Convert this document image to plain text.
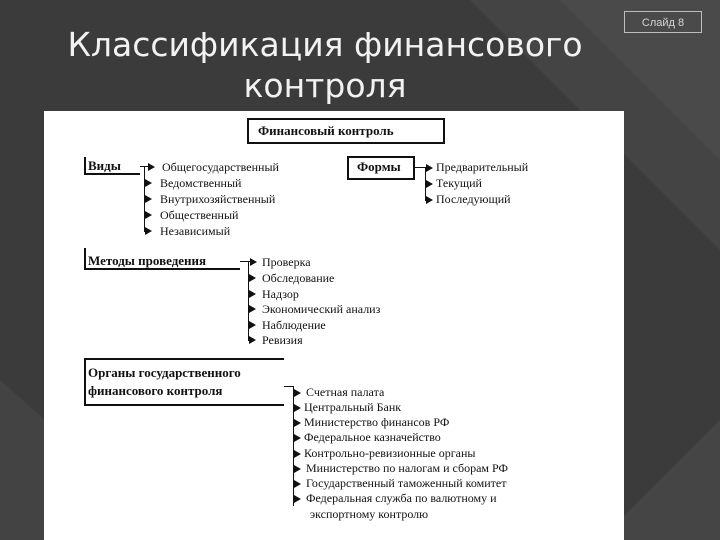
Слайд 8
Классификация финансового
контроля
Финансовый контроль
Виды	Общегосударственный
Ведомственный
Внутрихозяйственный
Общественный
Независимый
Формы	Предварительный
Текущий
Последующий
Методы проведения	Проверка
Обследование
Надзор
Экономический анализ
Наблюдение
Ревизия
Органы государственного
финансового контроля	Счетная палата
Центральный Банк
Министерство финансов РФ
Федеральное казначейство
Контрольно-ревизионные органы
Министерство по налогам и сборам РФ
Государственный таможенный комитет
Федеральная служба по валютному и
экспортному контролю
